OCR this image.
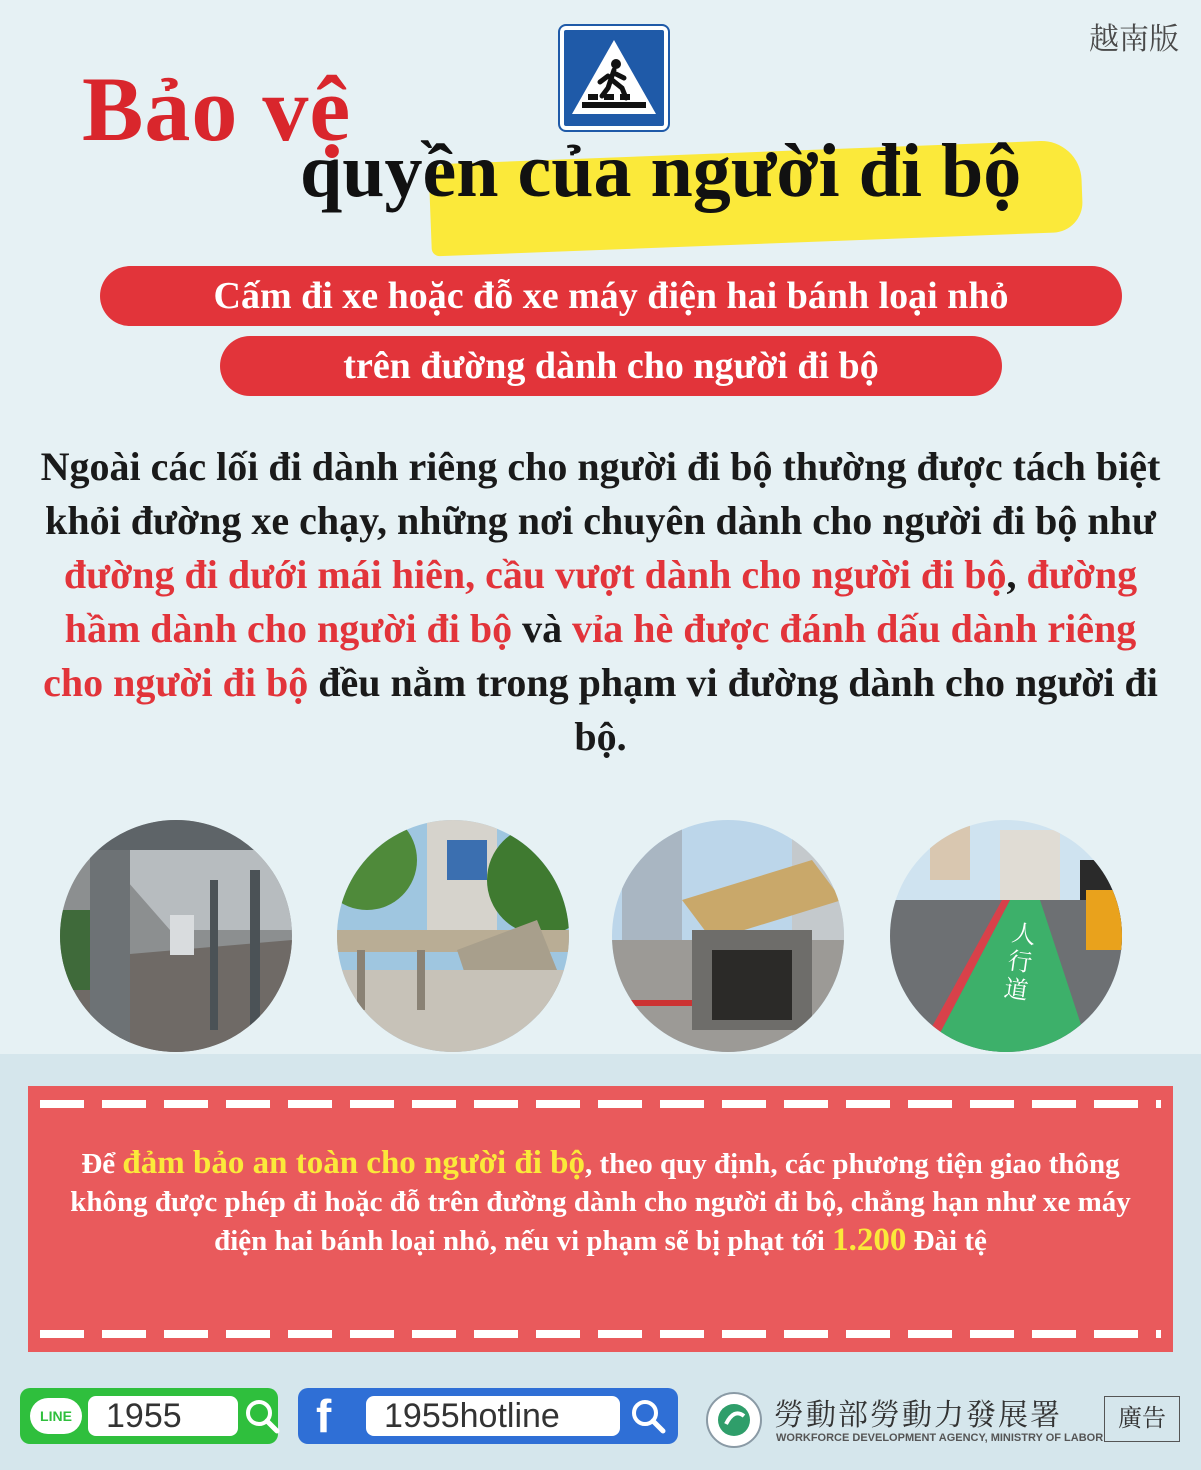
越南版
Bảo vệ
quyền của người đi bộ
Cấm đi xe hoặc đỗ xe máy điện hai bánh loại nhỏ
trên đường dành cho người đi bộ
Ngoài các lối đi dành riêng cho người đi bộ thường được tách biệt khỏi đường xe chạy, những nơi chuyên dành cho người đi bộ như đường đi dưới mái hiên, cầu vượt dành cho người đi bộ, đường hầm dành cho người đi bộ và vỉa hè được đánh dấu dành riêng cho người đi bộ đều nằm trong phạm vi đường dành cho người đi bộ.
人行道
Để đảm bảo an toàn cho người đi bộ, theo quy định, các phương tiện giao thông không được phép đi hoặc đỗ trên đường dành cho người đi bộ, chẳng hạn như xe máy điện hai bánh loại nhỏ, nếu vi phạm sẽ bị phạt tới 1.200 Đài tệ
LINE	1955	f	1955hotline	勞動部勞動力發展署
WORKFORCE DEVELOPMENT AGENCY, MINISTRY OF LABOR
廣告
